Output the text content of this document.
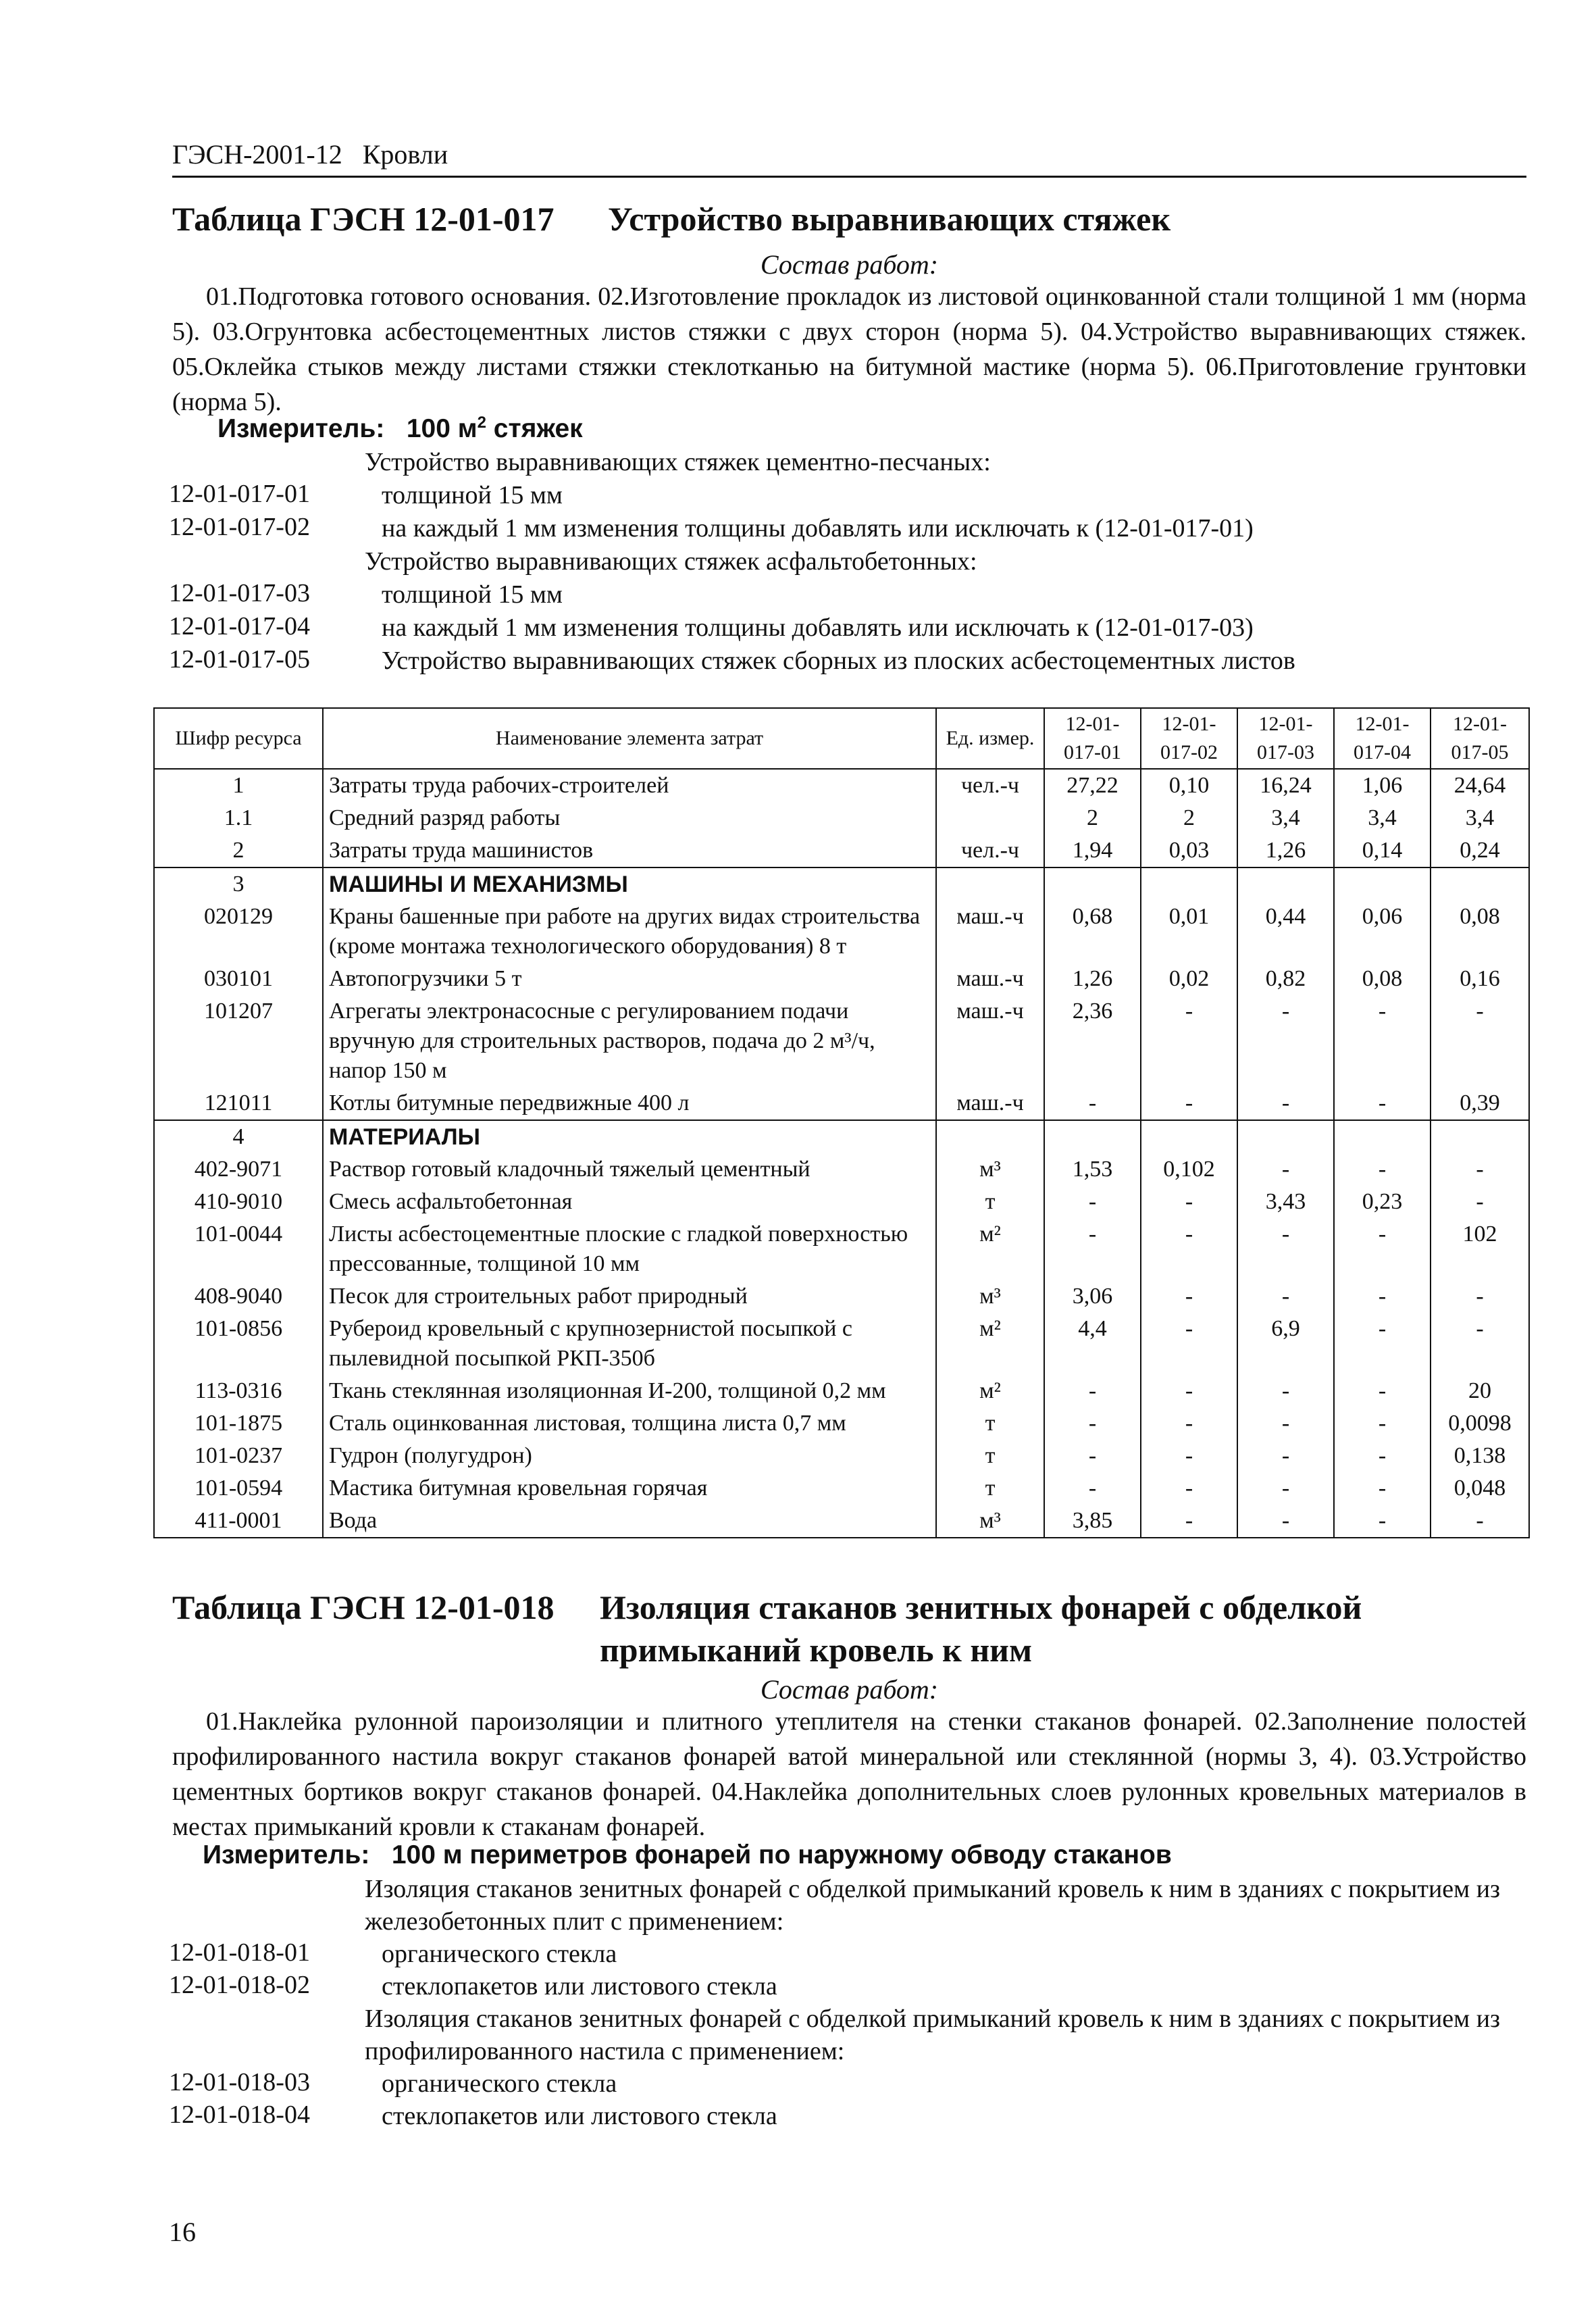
ГЭСН-2001-12 Кровли
Таблица ГЭСН 12-01-017 Устройство выравнивающих стяжек
Состав работ:
01.Подготовка готового основания. 02.Изготовление прокладок из листовой оцинкованной стали толщиной 1 мм (норма 5). 03.Огрунтовка асбестоцементных листов стяжки с двух сторон (норма 5). 04.Устройство выравнивающих стяжек. 05.Оклейка стыков между листами стяжки стеклотканью на битумной мастике (норма 5). 06.Приготовление грунтовки (норма 5).
Измеритель: 100 $м^2$ стяжек
Устройство выравнивающих стяжек цементно-песчаных:
12-01-017-01	толщиной 15 мм
12-01-017-02	на каждый 1 мм изменения толщины добавлять или исключать к (12-01-017-01)
Устройство выравнивающих стяжек асфальтобетонных:
12-01-017-03	толщиной 15 мм
12-01-017-04	на каждый 1 мм изменения толщины добавлять или исключать к (12-01-017-03)
12-01-017-05	Устройство выравнивающих стяжек сборных из плоских асбестоцементных листов
Шифр ресурса	Наименование элемента затрат	Ед. измер.	12-01-017-01	12-01-017-02	12-01-017-03	12-01-017-04	12-01-017-05
1	Затраты труда рабочих-строителей	чел.-ч	27,22	0,10	16,24	1,06	24,64
1.1	Средний разряд работы		2	2	3,4	3,4	3,4
2	Затраты труда машинистов	чел.-ч	1,94	0,03	1,26	0,14	0,24
3	МАШИНЫ И МЕХАНИЗМЫ						
020129	Краны башенные при работе на других видах строительства (кроме монтажа технологического оборудования) 8 т	маш.-ч	0,68	0,01	0,44	0,06	0,08
030101	Автопогрузчики 5 т	маш.-ч	1,26	0,02	0,82	0,08	0,16
101207	Агрегаты электронасосные с регулированием подачи вручную для строительных растворов, подача до 2 м³/ч, напор 150 м	маш.-ч	2,36	-	-	-	-
121011	Котлы битумные передвижные 400 л	маш.-ч	-	-	-	-	0,39
4	МАТЕРИАЛЫ						
402-9071	Раствор готовый кладочный тяжелый цементный	м³	1,53	0,102	-	-	-
410-9010	Смесь асфальтобетонная	т	-	-	3,43	0,23	-
101-0044	Листы асбестоцементные плоские с гладкой поверхностью прессованные, толщиной 10 мм	м²	-	-	-	-	102
408-9040	Песок для строительных работ природный	м³	3,06	-	-	-	-
101-0856	Рубероид кровельный с крупнозернистой посыпкой с пылевидной посыпкой РКП-350б	м²	4,4	-	6,9	-	-
113-0316	Ткань стеклянная изоляционная И-200, толщиной 0,2 мм	м²	-	-	-	-	20
101-1875	Сталь оцинкованная листовая, толщина листа 0,7 мм	т	-	-	-	-	0,0098
101-0237	Гудрон (полугудрон)	т	-	-	-	-	0,138
101-0594	Мастика битумная кровельная горячая	т	-	-	-	-	0,048
411-0001	Вода	м³	3,85	-	-	-	-
Таблица ГЭСН 12-01-018 Изоляция стаканов зенитных фонарей с обделкой
примыканий кровель к ним
Состав работ:
01.Наклейка рулонной пароизоляции и плитного утеплителя на стенки стаканов фонарей. 02.Заполнение полостей профилированного настила вокруг стаканов фонарей ватой минеральной или стеклянной (нормы 3, 4). 03.Устройство цементных бортиков вокруг стаканов фонарей. 04.Наклейка дополнительных слоев рулонных кровельных материалов в местах примыканий кровли к стаканам фонарей.
Измеритель: 100 м периметров фонарей по наружному обводу стаканов
Изоляция стаканов зенитных фонарей с обделкой примыканий кровель к ним в зданиях с покрытием из железобетонных плит с применением:
12-01-018-01	органического стекла
12-01-018-02	стеклопакетов или листового стекла
Изоляция стаканов зенитных фонарей с обделкой примыканий кровель к ним в зданиях с покрытием из профилированного настила с применением:
12-01-018-03	органического стекла
12-01-018-04	стеклопакетов или листового стекла
16
